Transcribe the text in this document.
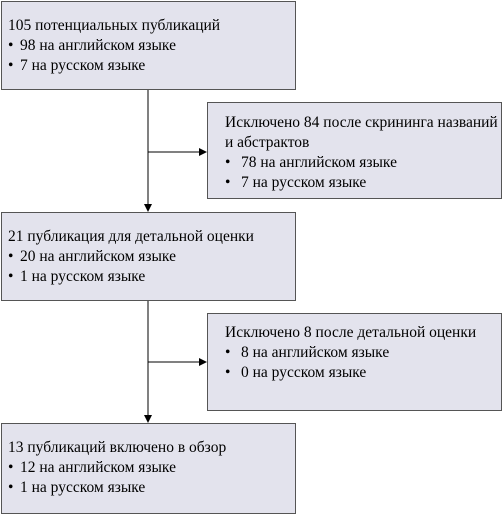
105 потенциальных публикаций
• 98 на английском языке
• 7 на русском языке
Исключено 84 после скрининга названий и абстрактов
• 78 на английском языке
• 7 на русском языке
21 публикация для детальной оценки
• 20 на английском языке
• 1 на русском языке
Исключено 8 после детальной оценки
• 8 на английском языке
• 0 на русском языке
13 публикаций включено в обзор
• 12 на английском языке
• 1 на русском языке
